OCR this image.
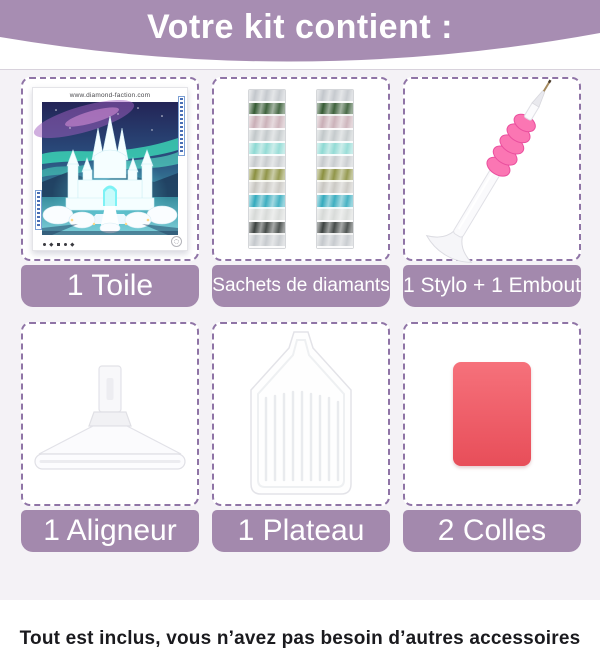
Votre kit contient :
www.diamond-faction.com
1 Toile	Sachets de diamants 1 Stylo + 1 Embout
1 Aligneur	1 Plateau	2 Colles
Tout est inclus, vous n’avez pas besoin d’autres accessoires
